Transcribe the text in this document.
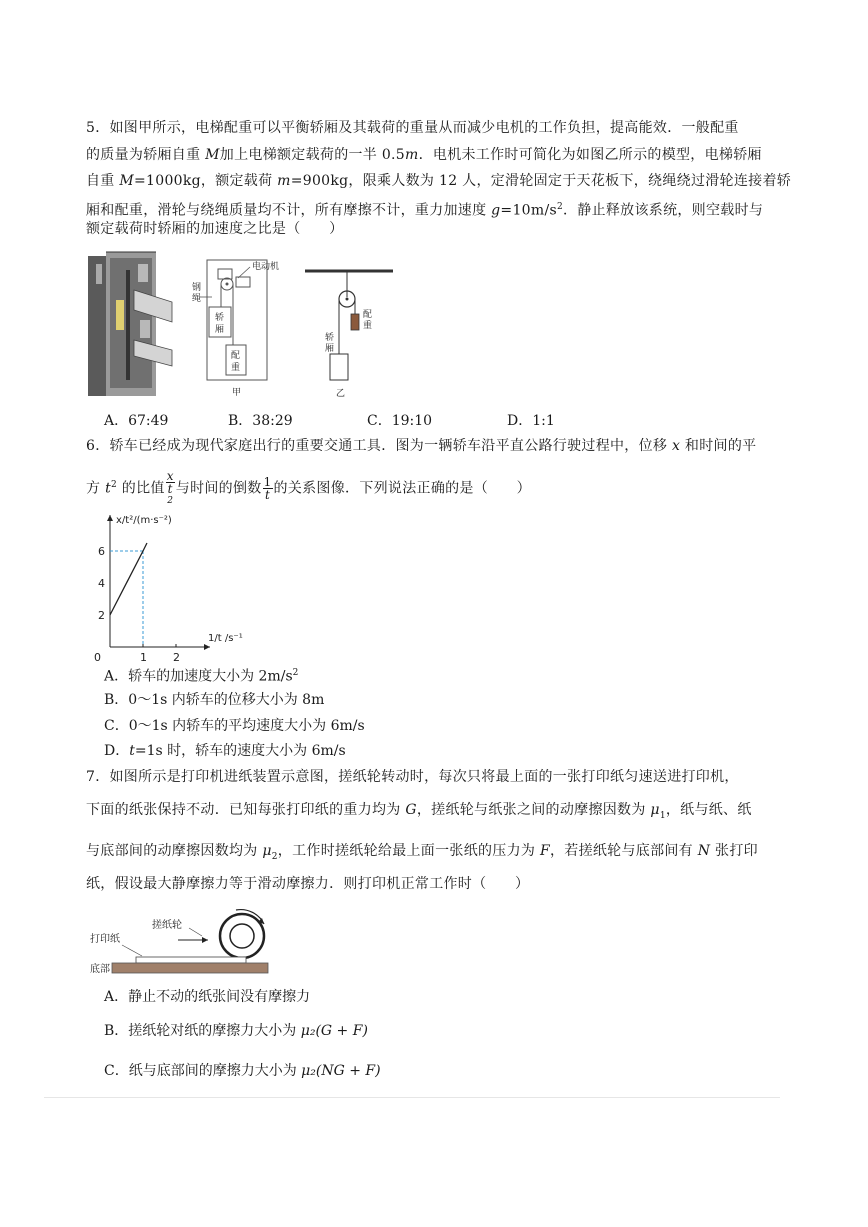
5．如图甲所示，电梯配重可以平衡轿厢及其载荷的重量从而减少电机的工作负担，提高能效．一般配重
的质量为轿厢自重 M加上电梯额定载荷的一半 0.5m．电机未工作时可简化为如图乙所示的模型，电梯轿厢
自重 M=1000kg，额定载荷 m=900kg，限乘人数为 12 人，定滑轮固定于天花板下，绕绳绕过滑轮连接着轿
厢和配重，滑轮与绕绳质量均不计，所有摩擦不计，重力加速度 $g=10m/s^2$．静止释放该系统，则空载时与
额定载荷时轿厢的加速度之比是（　　）
电动机
钢
绳
轿
厢
配
重
甲
配
重
轿
厢
乙
A．67:49	B．38:29	C．19:10	D．1:1
6．轿车已经成为现代家庭出行的重要交通工具．图为一辆轿车沿平直公路行驶过程中，位移 x 和时间的平
方 $t^2$ 的比值 x
t
2 与时间的倒数 $\frac{1}{t}$ 的关系图像．下列说法正确的是（　　）
x/t²/(m·s⁻²)
1/t /s⁻¹
2
4
6
1 2
0
A．轿车的加速度大小为 $2m/s^2$
B．0～1s 内轿车的位移大小为 8m
C．0～1s 内轿车的平均速度大小为 6m/s
D．t=1s 时，轿车的速度大小为 6m/s
7．如图所示是打印机进纸装置示意图，搓纸轮转动时，每次只将最上面的一张打印纸匀速送进打印机，
下面的纸张保持不动．已知每张打印纸的重力均为 G，搓纸轮与纸张之间的动摩擦因数为 $\mu_1$，纸与纸、纸
与底部间的动摩擦因数均为 $\mu_2$，工作时搓纸轮给最上面一张纸的压力为 F，若搓纸轮与底部间有 N 张打印
纸，假设最大静摩擦力等于滑动摩擦力．则打印机正常工作时（　　）
搓纸轮
打印纸
底部
A．静止不动的纸张间没有摩擦力
B．搓纸轮对纸的摩擦力大小为 μ₂(G + F)
C．纸与底部间的摩擦力大小为 μ₂(NG + F)
